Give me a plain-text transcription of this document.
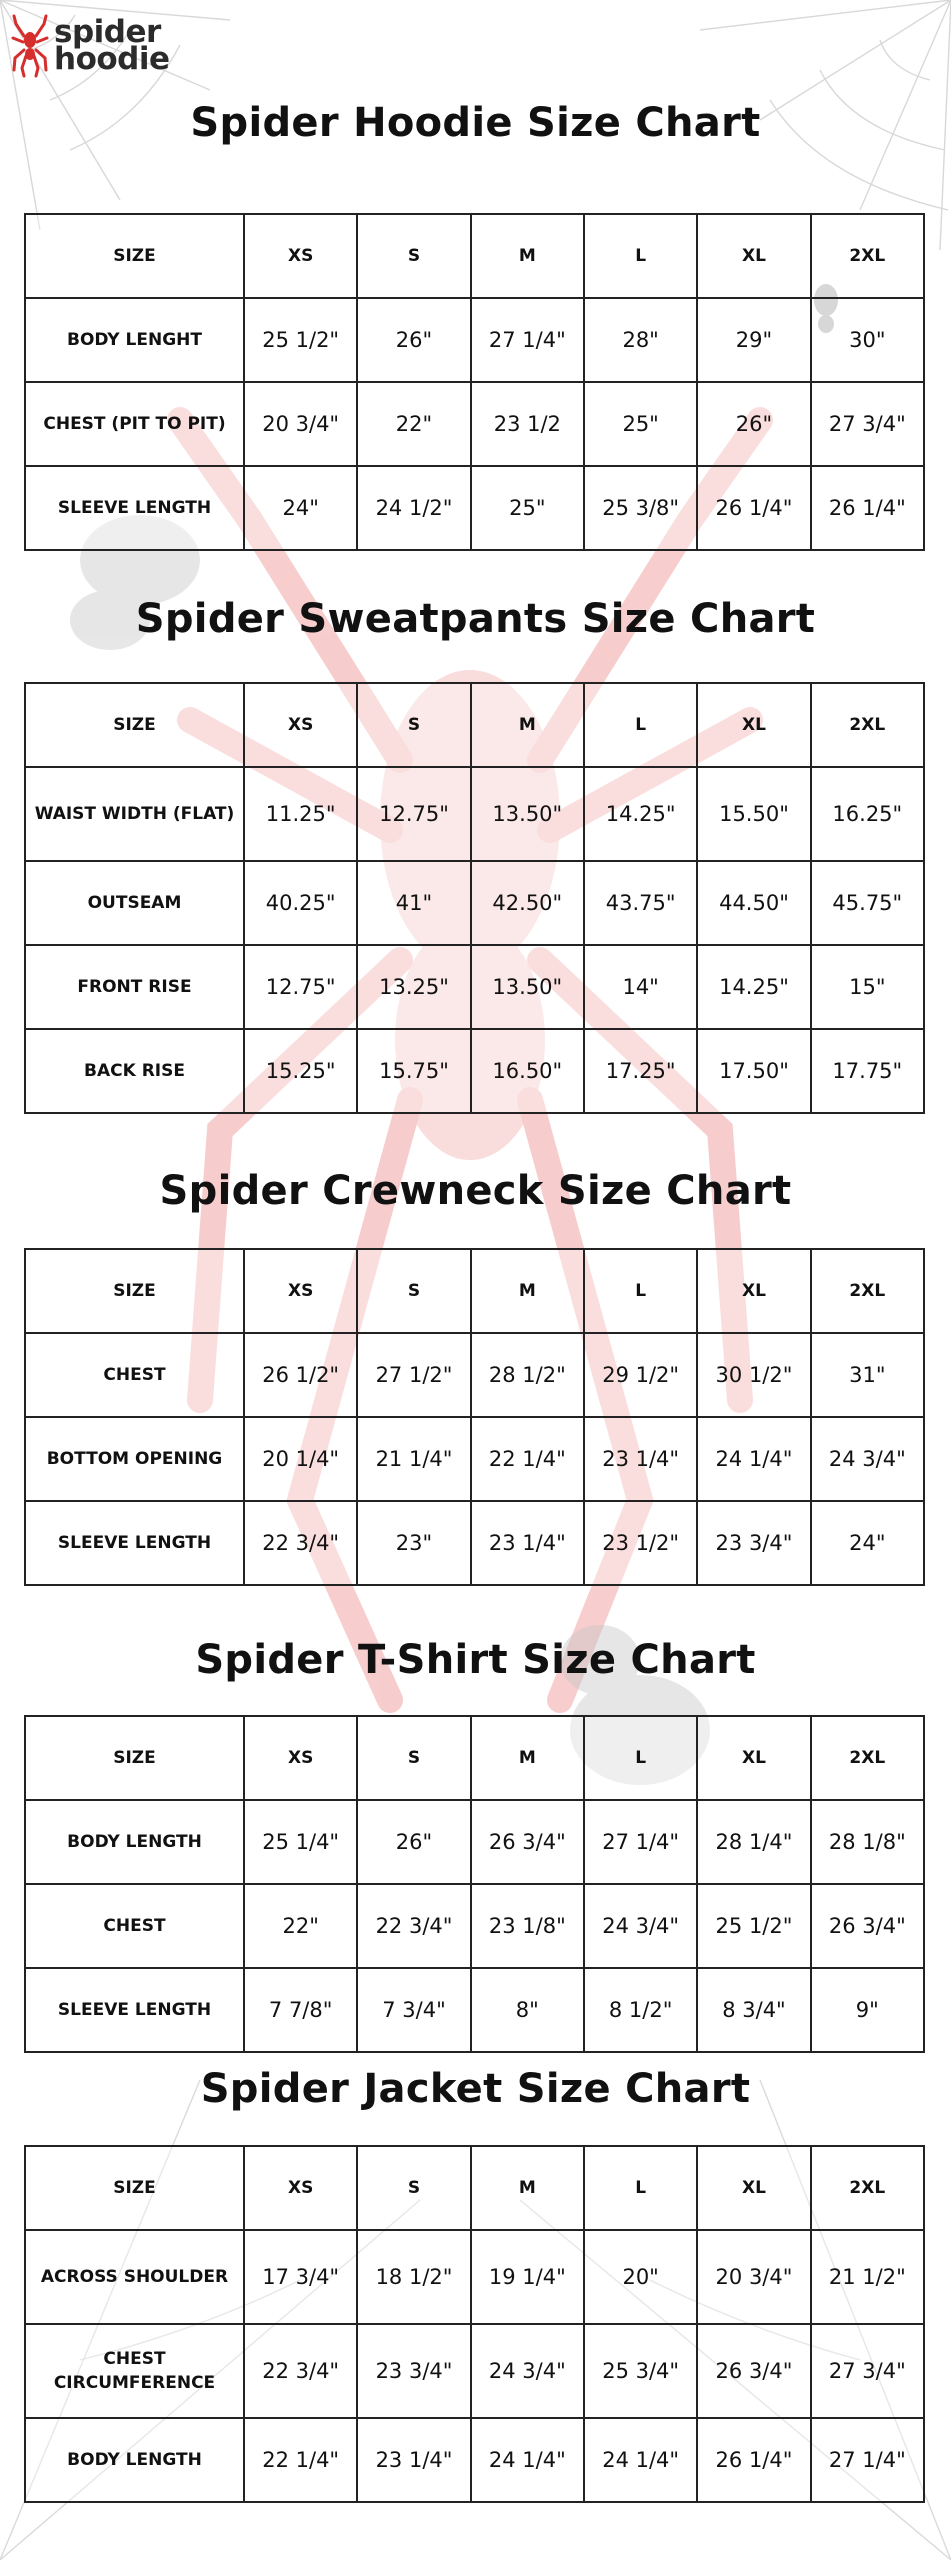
spider
hoodie
Spider Hoodie Size Chart
SIZE	XS	S	M	L	XL	2XL
BODY LENGHT	25 1/2"	26"	27 1/4"	28"	29"	30"
CHEST (PIT TO PIT)	20 3/4"	22"	23 1/2	25"	26"	27 3/4"
SLEEVE LENGTH	24"	24 1/2"	25"	25 3/8"	26 1/4"	26 1/4"
Spider Sweatpants Size Chart
SIZE	XS	S	M	L	XL	2XL
WAIST WIDTH (FLAT)	11.25"	12.75"	13.50"	14.25"	15.50"	16.25"
OUTSEAM	40.25"	41"	42.50"	43.75"	44.50"	45.75"
FRONT RISE	12.75"	13.25"	13.50"	14"	14.25"	15"
BACK RISE	15.25"	15.75"	16.50"	17.25"	17.50"	17.75"
Spider Crewneck Size Chart
SIZE	XS	S	M	L	XL	2XL
CHEST	26 1/2"	27 1/2"	28 1/2"	29 1/2"	30 1/2"	31"
BOTTOM OPENING	20 1/4"	21 1/4"	22 1/4"	23 1/4"	24 1/4"	24 3/4"
SLEEVE LENGTH	22 3/4"	23"	23 1/4"	23 1/2"	23 3/4"	24"
Spider T-Shirt Size Chart
SIZE	XS	S	M	L	XL	2XL
BODY LENGTH	25 1/4"	26"	26 3/4"	27 1/4"	28 1/4"	28 1/8"
CHEST	22"	22 3/4"	23 1/8"	24 3/4"	25 1/2"	26 3/4"
SLEEVE LENGTH	7 7/8"	7 3/4"	8"	8 1/2"	8 3/4"	9"
Spider Jacket Size Chart
SIZE	XS	S	M	L	XL	2XL
ACROSS SHOULDER	17 3/4"	18 1/2"	19 1/4"	20"	20 3/4"	21 1/2"
CHEST CIRCUMFERENCE	22 3/4"	23 3/4"	24 3/4"	25 3/4"	26 3/4"	27 3/4"
BODY LENGTH	22 1/4"	23 1/4"	24 1/4"	24 1/4"	26 1/4"	27 1/4"
